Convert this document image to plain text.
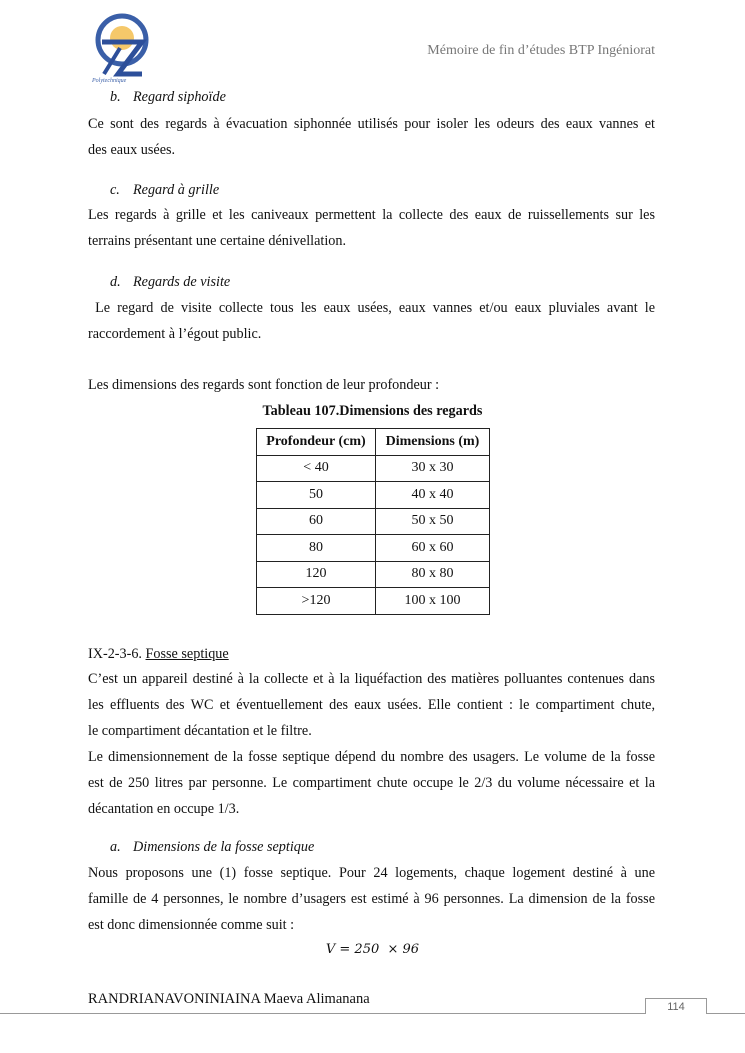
Polytechnique
Mémoire de fin d’études BTP Ingéniorat
b. Regard siphoïde
Ce sont des regards à évacuation siphonnée utilisés pour isoler les odeurs des eaux vannes et
des eaux usées.
c. Regard à grille
Les regards à grille et les caniveaux permettent la collecte des eaux de ruissellements sur les
terrains présentant une certaine dénivellation.
d. Regards de visite
Le regard de visite collecte tous les eaux usées, eaux vannes et/ou eaux pluviales avant le
raccordement à l’égout public.
Les dimensions des regards sont fonction de leur profondeur :
Tableau 107.Dimensions des regards
Profondeur (cm)	Dimensions (m)
< 40	30 x 30
50	40 x 40
60	50 x 50
80	60 x 60
120	80 x 80
>120	100 x 100
IX-2-3-6. Fosse septique
C’est un appareil destiné à la collecte et à la liquéfaction des matières polluantes contenues dans
les effluents des WC et éventuellement des eaux usées. Elle contient : le compartiment chute,
le compartiment décantation et le filtre.
Le dimensionnement de la fosse septique dépend du nombre des usagers. Le volume de la fosse
est de 250 litres par personne. Le compartiment chute occupe le 2/3 du volume nécessaire et la
décantation en occupe 1/3.
a. Dimensions de la fosse septique
Nous proposons une (1) fosse septique. Pour 24 logements, chaque logement destiné à une
famille de 4 personnes, le nombre d’usagers est estimé à 96 personnes. La dimension de la fosse
est donc dimensionnée comme suit :
V = 250  × 96
RANDRIANAVONINIAINA Maeva Alimanana	114
